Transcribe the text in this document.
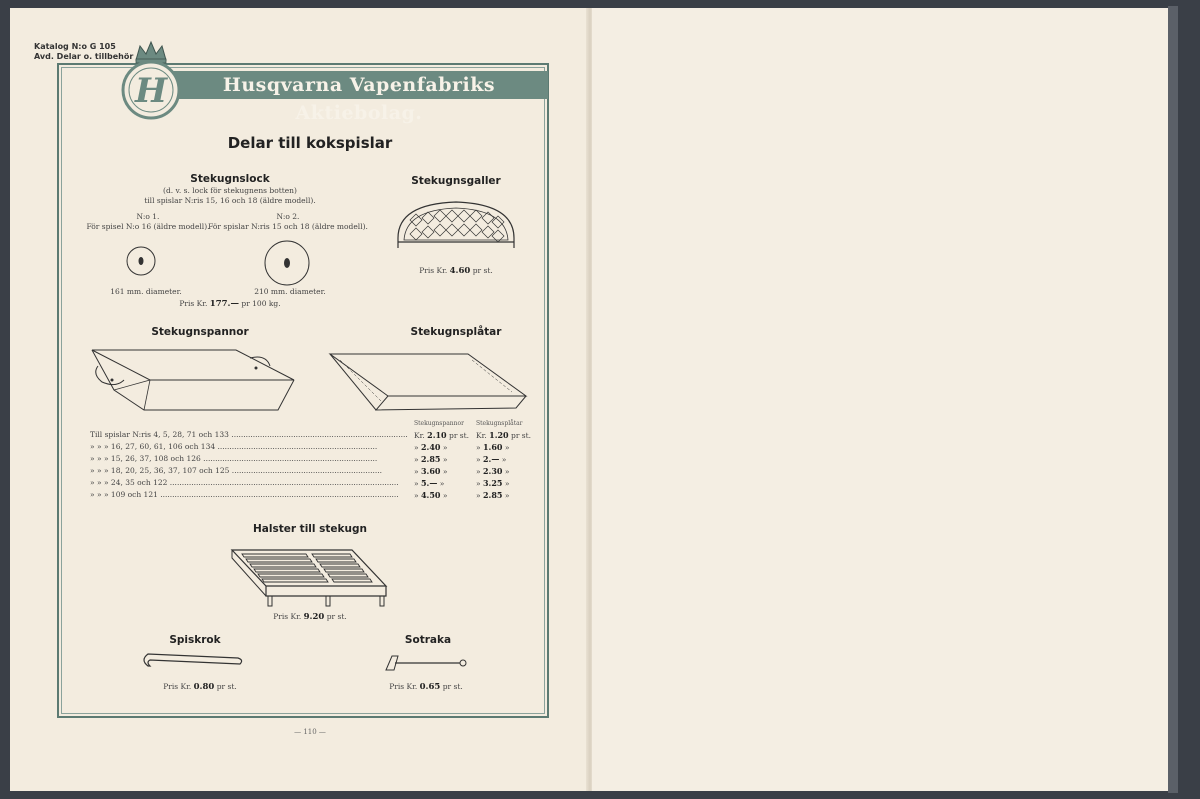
Katalog N:o G 105
Avd. Delar o. tillbehör
Husqvarna Vapenfabriks Aktiebolag.
H
Delar till kokspislar
Stekugnslock
(d. v. s. lock för stekugnens botten)
till spislar N:ris 15, 16 och 18 (äldre modell).
N:o 1.
För spisel N:o 16 (äldre modell).
N:o 2.
För spislar N:ris 15 och 18 (äldre modell).
161 mm. diameter.	210 mm. diameter.
Pris Kr. 177.— pr 100 kg.
Stekugnsgaller
Pris Kr. 4.60 pr st.
Stekugnspannor	Stekugnsplåtar
Stekugnspannor Stekugnsplåtar
Till spislar N:ris 4, 5, 28, 71 och 133 .......................................................................... Kr. 2.10 pr st. Kr. 1.20 pr st.
» » » 16, 27, 60, 61, 106 och 134 ...................................................................	» 2.40 »	» 1.60 »
» » » 15, 26, 37, 108 och 126 .........................................................................	» 2.85 »	» 2.— »
» » » 18, 20, 25, 36, 37, 107 och 125 ...............................................................	» 3.60 »	» 2.30 »
» » » 24, 35 och 122 ................................................................................................	» 5.— »	» 3.25 »
» » » 109 och 121 ....................................................................................................	» 4.50 »	» 2.85 »
Halster till stekugn
Pris Kr. 9.20 pr st.
Spiskrok
Pris Kr. 0.80 pr st.
Sotraka
Pris Kr. 0.65 pr st.
— 110 —
